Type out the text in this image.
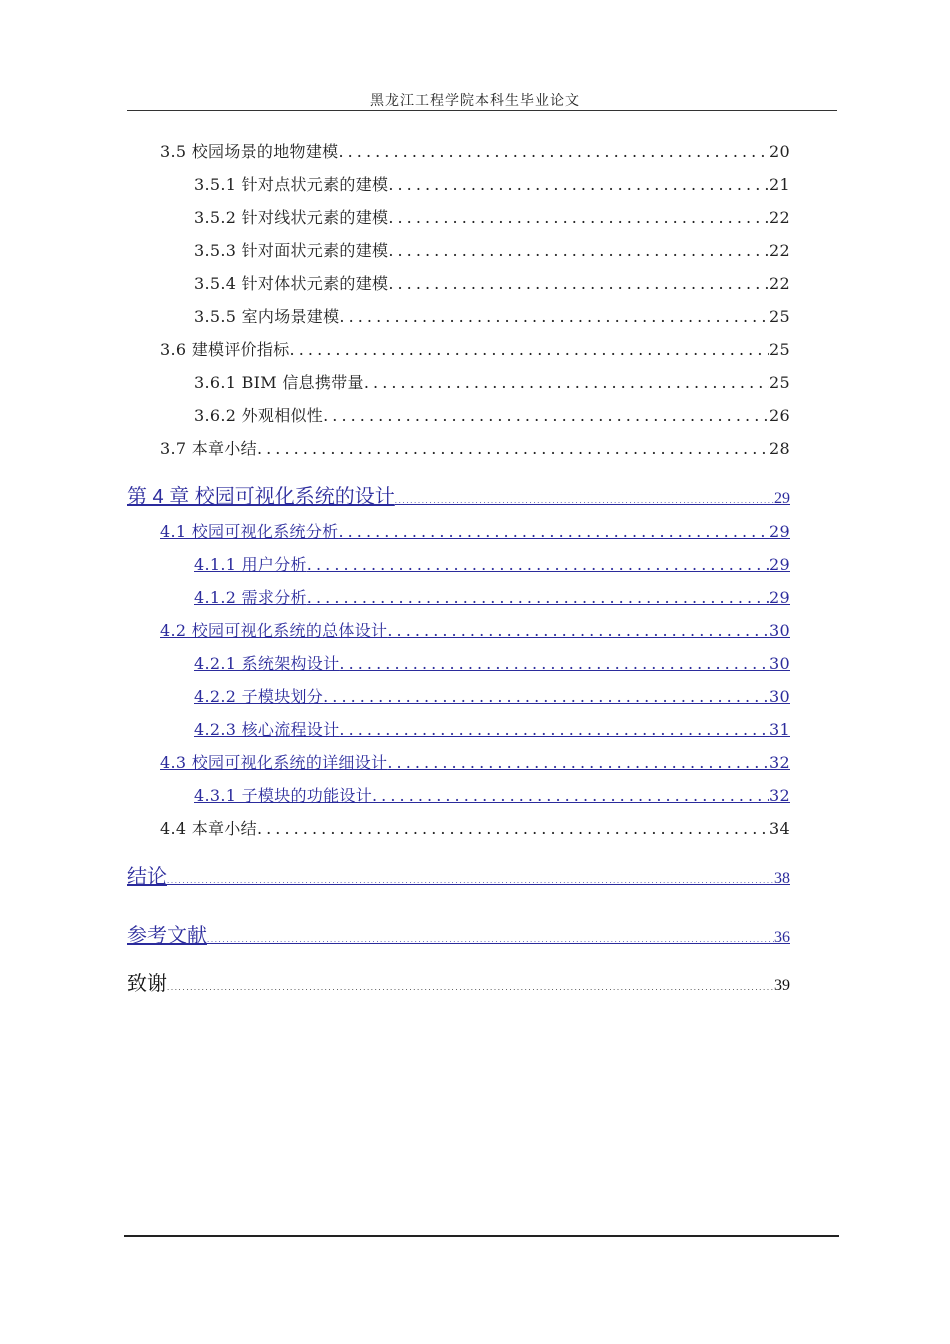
黑龙江工程学院本科生毕业论文
3.5 校园场景的地物建模 . . .	20
3.5.1 针对点状元素的建模 . . .	21
3.5.2 针对线状元素的建模 . . .	22
3.5.3 针对面状元素的建模 . . .	22
3.5.4 针对体状元素的建模 . . .	22
3.5.5 室内场景建模 . . .	25
3.6 建模评价指标 . . .	25
3.6.1 BIM 信息携带量 . . .	25
3.6.2 外观相似性 . . .	26
3.7 本章小结 . . .	28
第 4 章 校园可视化系统的设计 . . .	29
4.1 校园可视化系统分析 . . .	29
4.1.1 用户分析 . . .	29
4.1.2 需求分析 . . .	29
4.2 校园可视化系统的总体设计 . . .	30
4.2.1 系统架构设计 . . .	30
4.2.2 子模块划分 . . .	30
4.2.3 核心流程设计 . . .	31
4.3 校园可视化系统的详细设计 . . .	32
4.3.1 子模块的功能设计 . . .	32
4.4 本章小结 . . .	34
结论 . . .	38
参考文献 . . .	36
致谢 . . .	39
